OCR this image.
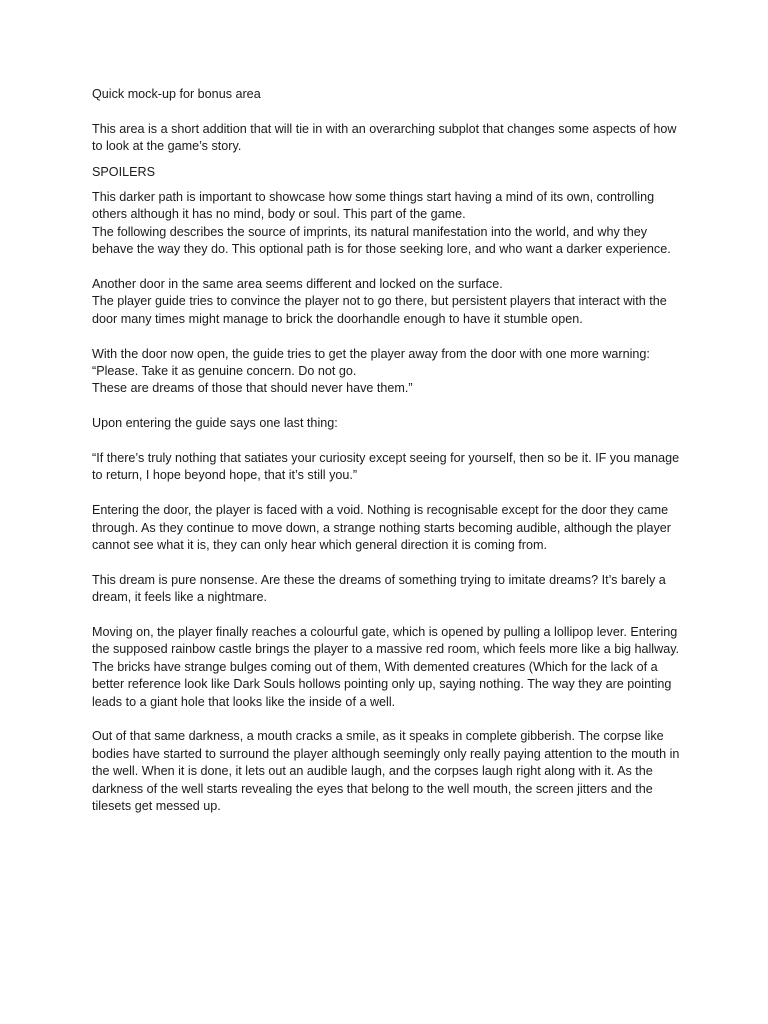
Quick mock-up for bonus area

This area is a short addition that will tie in with an overarching subplot that changes some aspects of how to look at the game’s story.

SPOILERS

This darker path is important to showcase how some things start having a mind of its own, controlling others although it has no mind, body or soul. This part of the game.

The following describes the source of imprints, its natural manifestation into the world, and why they behave the way they do. This optional path is for those seeking lore, and who want a darker experience.

Another door in the same area seems different and locked on the surface.

The player guide tries to convince the player not to go there, but persistent players that interact with the door many times might manage to brick the doorhandle enough to have it stumble open.

With the door now open, the guide tries to get the player away from the door with one more warning:

“Please. Take it as genuine concern. Do not go.

These are dreams of those that should never have them.”

Upon entering the guide says one last thing:

“If there’s truly nothing that satiates your curiosity except seeing for yourself, then so be it. IF you manage to return, I hope beyond hope, that it’s still you.”

Entering the door, the player is faced with a void. Nothing is recognisable except for the door they came through. As they continue to move down, a strange nothing starts becoming audible, although the player cannot see what it is, they can only hear which general direction it is coming from.

This dream is pure nonsense. Are these the dreams of something trying to imitate dreams? It’s barely a dream, it feels like a nightmare.

Moving on, the player finally reaches a colourful gate, which is opened by pulling a lollipop lever. Entering the supposed rainbow castle brings the player to a massive red room, which feels more like a big hallway. The bricks have strange bulges coming out of them, With demented creatures (Which for the lack of a better reference look like Dark Souls hollows pointing only up, saying nothing. The way they are pointing leads to a giant hole that looks like the inside of a well.

Out of that same darkness, a mouth cracks a smile, as it speaks in complete gibberish. The corpse like bodies have started to surround the player although seemingly only really paying attention to the mouth in the well. When it is done, it lets out an audible laugh, and the corpses laugh right along with it. As the darkness of the well starts revealing the eyes that belong to the well mouth, the screen jitters and the tilesets get messed up.
